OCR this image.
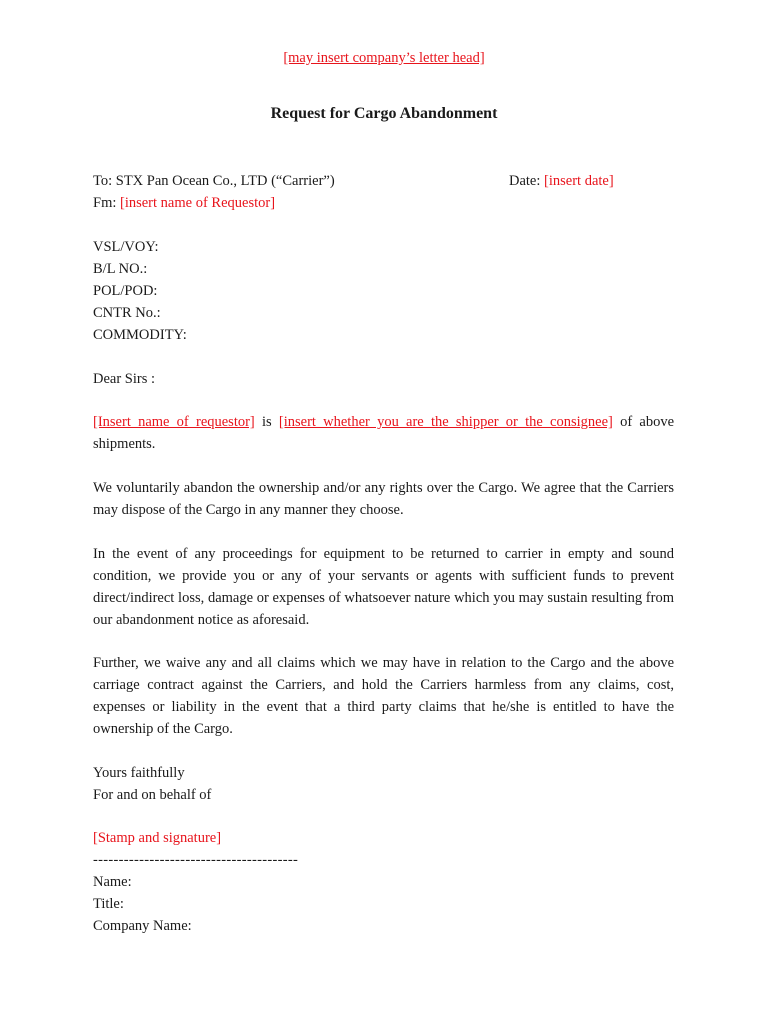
[may insert company’s letter head]
Request for Cargo Abandonment
To: STX Pan Ocean Co., LTD (“Carrier”)	Date: [insert date]
Fm: [insert name of Requestor]
VSL/VOY:
B/L NO.:
POL/POD:
CNTR No.:
COMMODITY:
Dear Sirs :
[Insert name of requestor] is [insert whether you are the shipper or the consignee] of above shipments.
We voluntarily abandon the ownership and/or any rights over the Cargo. We agree that the Carriers may dispose of the Cargo in any manner they choose.
In the event of any proceedings for equipment to be returned to carrier in empty and sound condition, we provide you or any of your servants or agents with sufficient funds to prevent direct/indirect loss, damage or expenses of whatsoever nature which you may sustain resulting from our abandonment notice as aforesaid.
Further, we waive any and all claims which we may have in relation to the Cargo and the above carriage contract against the Carriers, and hold the Carriers harmless from any claims, cost, expenses or liability in the event that a third party claims that he/she is entitled to have the ownership of the Cargo.
Yours faithfully
For and on behalf of
[Stamp and signature]
----------------------------------------
Name:
Title:
Company Name:
